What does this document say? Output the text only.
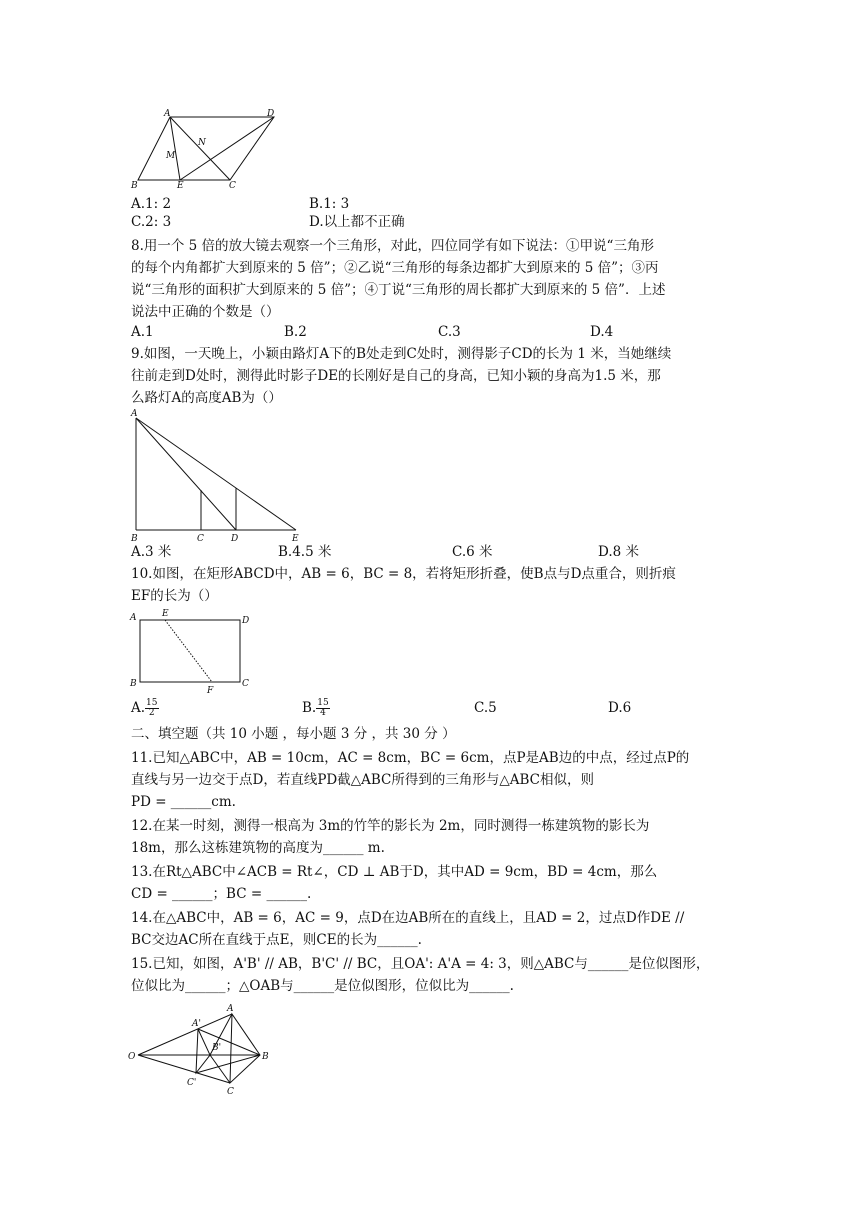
A	D
N
M
B	E	C
A.1: 2	B.1: 3
C.2: 3	D.以上都不正确
8.用一个 5 倍的放大镜去观察一个三角形，对此，四位同学有如下说法：①甲说“三角形
的每个内角都扩大到原来的 5 倍”；②乙说“三角形的每条边都扩大到原来的 5 倍”；③丙
说“三角形的面积扩大到原来的 5 倍”；④丁说“三角形的周长都扩大到原来的 5 倍”．上述
说法中正确的个数是（）
A.1	B.2	C.3	D.4
9.如图，一天晚上，小颖由路灯A下的B处走到C处时，测得影子CD的长为 1 米，当她继续
往前走到D处时，测得此时影子DE的长刚好是自己的身高，已知小颖的身高为1.5 米，那
么路灯A的高度AB为（）
A
B	C	D	E
A.3 米	B.4.5 米	C.6 米	D.8 米
10.如图，在矩形ABCD中，AB = 6，BC = 8，若将矩形折叠，使B点与D点重合，则折痕
EF的长为（）
A	E
D
B
F
C
A. $\frac{15}{2}$	B. $\frac{15}{4}$	C.5	D.6
二、填空题（共 10 小题 ，每小题 3 分 ，共 30 分 ）
11.已知△ABC中，AB = 10cm，AC = 8cm，BC = 6cm，点P是AB边的中点，经过点P的
直线与另一边交于点D，若直线PD截△ABC所得到的三角形与△ABC相似，则
PD = ______cm.
12.在某一时刻，测得一根高为 3m的竹竿的影长为 2m，同时测得一栋建筑物的影长为
18m，那么这栋建筑物的高度为______ m.
13.在Rt△ABC中∠ACB = Rt∠，CD ⊥ AB于D，其中AD = 9cm，BD = 4cm，那么
CD = ______；BC = ______.
14.在△ABC中，AB = 6，AC = 9，点D在边AB所在的直线上，且AD = 2，过点D作DE //
BC交边AC所在直线于点E，则CE的长为______.
15.已知，如图，A'B' // AB，B'C' // BC，且OA': A'A = 4: 3，则△ABC与______是位似图形，
位似比为______；△OAB与______是位似图形，位似比为______.
A
A'
B'
O	B
C'
C
